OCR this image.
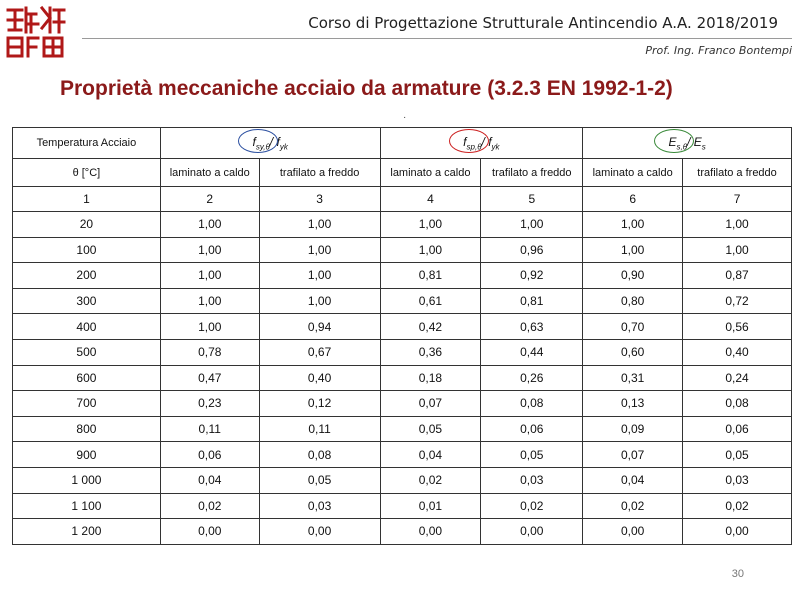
Corso di Progettazione Strutturale Antincendio A.A. 2018/2019
Prof. Ing. Franco Bontempi
Proprietà meccaniche acciaio da armature (3.2.3 EN 1992-1-2)
·
Temperatura Acciaio	$f_{sy,\theta}/$ $f_{yk}$		$f_{sp,\theta}/$ $f_{yk}$		$E_{s,\theta}/$ $E_s$
θ [°C]	laminato a caldo	trafilato a freddo	laminato a caldo	trafilato a freddo	laminato a caldo	trafilato a freddo
1	2	3	4	5	6	7
20	1,00	1,00	1,00	1,00	1,00	1,00
100	1,00	1,00	1,00	0,96	1,00	1,00
200	1,00	1,00	0,81	0,92	0,90	0,87
300	1,00	1,00	0,61	0,81	0,80	0,72
400	1,00	0,94	0,42	0,63	0,70	0,56
500	0,78	0,67	0,36	0,44	0,60	0,40
600	0,47	0,40	0,18	0,26	0,31	0,24
700	0,23	0,12	0,07	0,08	0,13	0,08
800	0,11	0,11	0,05	0,06	0,09	0,06
900	0,06	0,08	0,04	0,05	0,07	0,05
1 000	0,04	0,05	0,02	0,03	0,04	0,03
1 100	0,02	0,03	0,01	0,02	0,02	0,02
1 200	0,00	0,00	0,00	0,00	0,00	0,00
30
